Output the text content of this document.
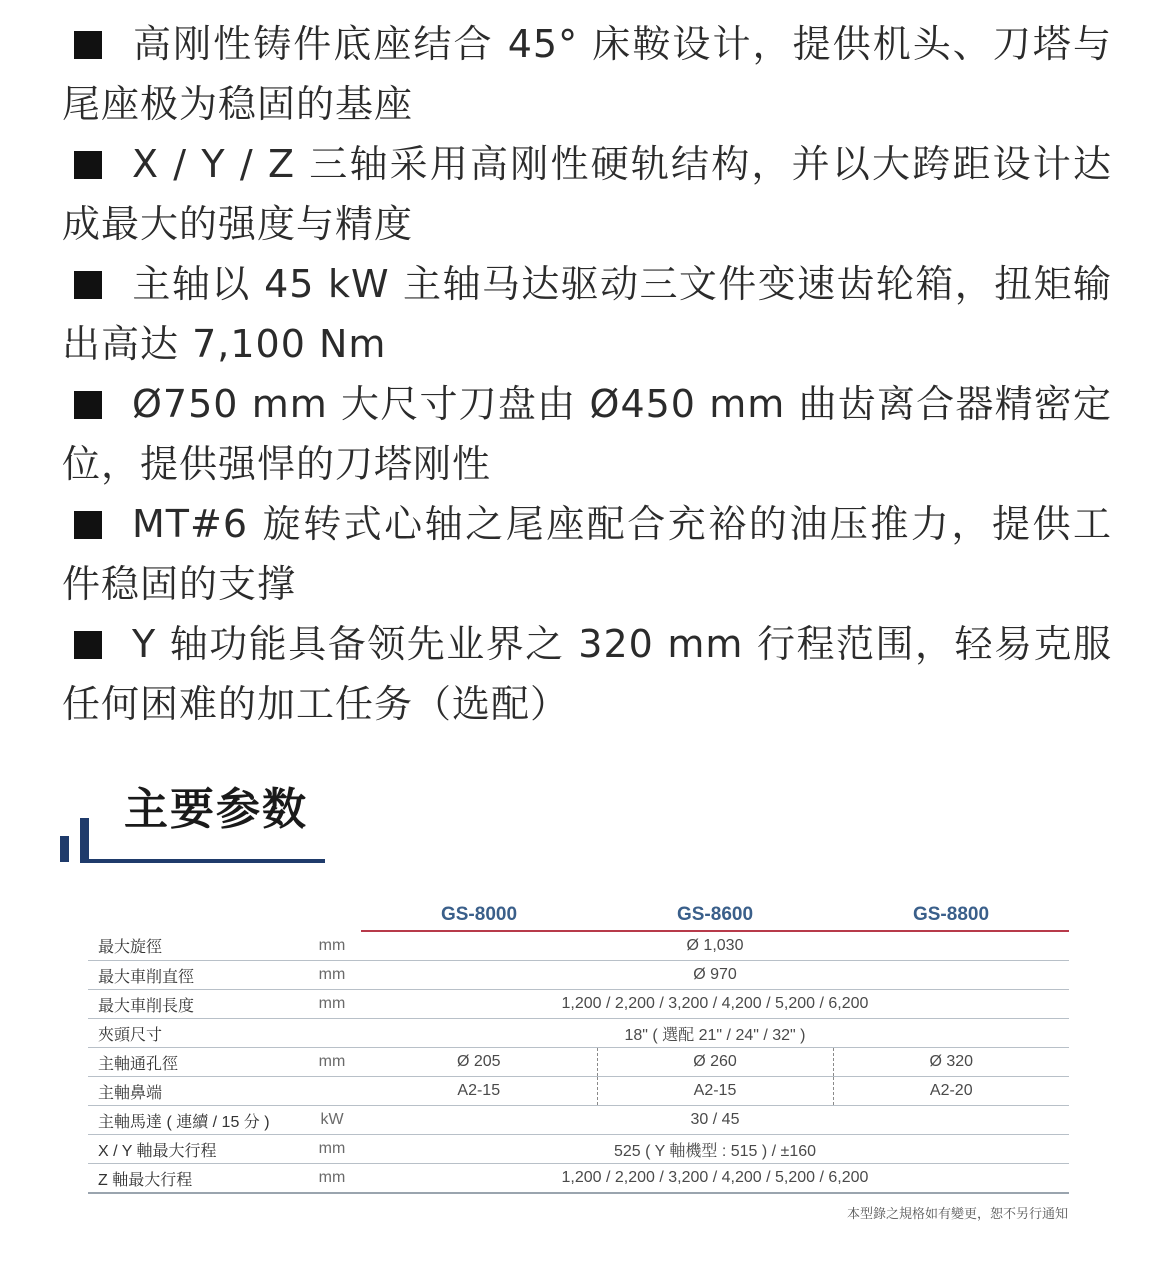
高刚性铸件底座结合 45° 床鞍设计，提供机头、刀塔与尾座极为稳固的基座

X / Y / Z 三轴采用高刚性硬轨结构，并以大跨距设计达成最大的强度与精度

主轴以 45 kW 主轴马达驱动三文件变速齿轮箱，扭矩输出高达 7,100 Nm

Ø750 mm 大尺寸刀盘由 Ø450 mm 曲齿离合器精密定位，提供强悍的刀塔刚性

MT#6 旋转式心轴之尾座配合充裕的油压推力，提供工件稳固的支撑

Y 轴功能具备领先业界之 320 mm 行程范围，轻易克服任何困难的加工任务（选配）

主要参数
		GS-8000	GS-8600	GS-8800
最大旋徑	mm	Ø 1,030		
最大車削直徑	mm	Ø 970		
最大車削長度	mm	1,200 / 2,200 / 3,200 / 4,200 / 5,200 / 6,200		
夾頭尺寸		18" ( 選配 21" / 24" / 32" )		
主軸通孔徑	mm	Ø 205	Ø 260	Ø 320
主軸鼻端		A2-15	A2-15	A2-20
主軸馬達 ( 連續 / 15 分 )	kW	30 / 45		
X / Y 軸最大行程	mm	525 ( Y 軸機型 : 515 ) / ±160		
Z 軸最大行程	mm	1,200 / 2,200 / 3,200 / 4,200 / 5,200 / 6,200		
本型錄之規格如有變更，恕不另行通知
